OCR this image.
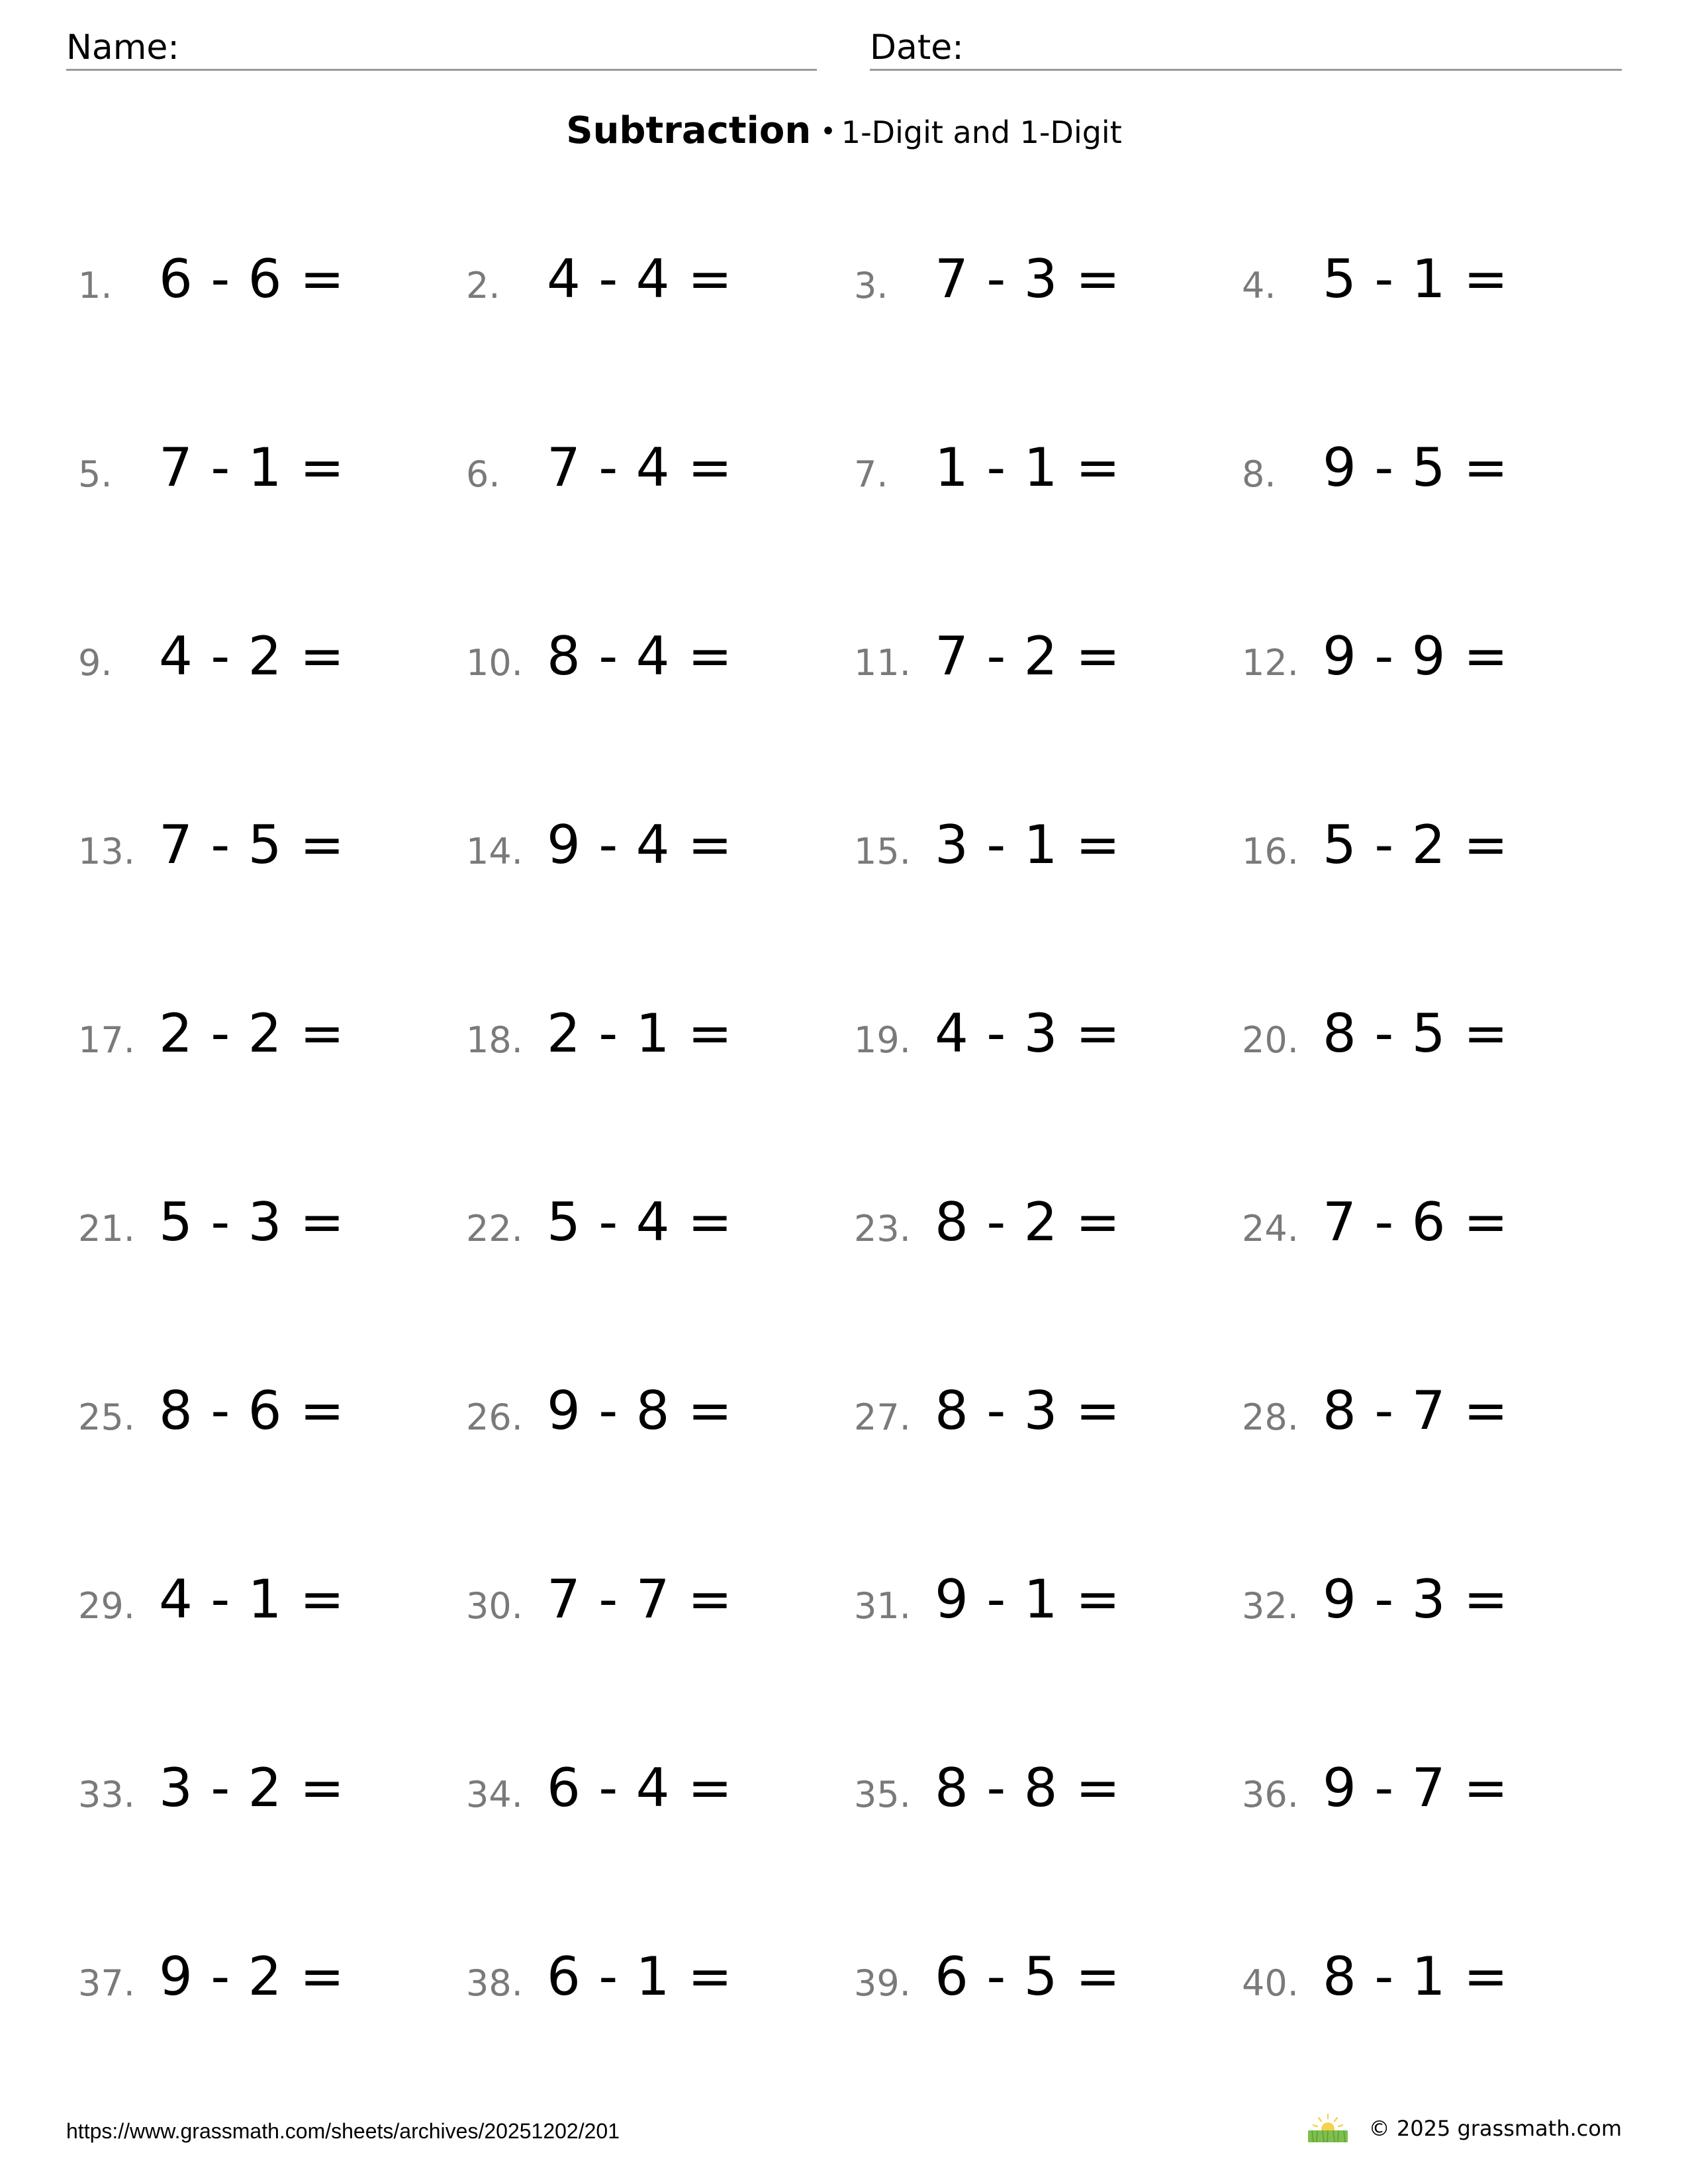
Name:	Date:
Subtraction • 1-Digit and 1-Digit
1. 6 - 6 =	2. 4 - 4 =	3. 7 - 3 =	4. 5 - 1 =
5. 7 - 1 =	6. 7 - 4 =	7. 1 - 1 =	8. 9 - 5 =
9. 4 - 2 =	10. 8 - 4 =	11. 7 - 2 =	12. 9 - 9 =
13. 7 - 5 =	14. 9 - 4 =	15. 3 - 1 =	16. 5 - 2 =
17. 2 - 2 =	18. 2 - 1 =	19. 4 - 3 =	20. 8 - 5 =
21. 5 - 3 =	22. 5 - 4 =	23. 8 - 2 =	24. 7 - 6 =
25. 8 - 6 =	26. 9 - 8 =	27. 8 - 3 =	28. 8 - 7 =
29. 4 - 1 =	30. 7 - 7 =	31. 9 - 1 =	32. 9 - 3 =
33. 3 - 2 =	34. 6 - 4 =	35. 8 - 8 =	36. 9 - 7 =
37. 9 - 2 =	38. 6 - 1 =	39. 6 - 5 =	40. 8 - 1 =
https://www.grassmath.com/sheets/archives/20251202/201	© 2025 grassmath.com
